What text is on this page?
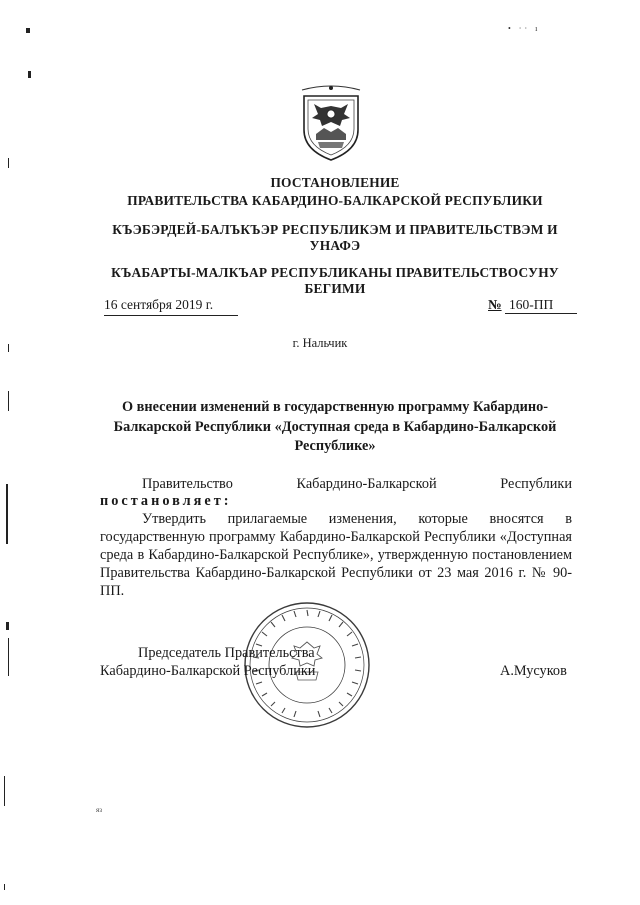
• ·· ı
ПОСТАНОВЛЕНИЕ
ПРАВИТЕЛЬСТВА КАБАРДИНО-БАЛКАРСКОЙ РЕСПУБЛИКИ
КЪЭБЭРДЕЙ-БАЛЪКЪЭР РЕСПУБЛИКЭМ И ПРАВИТЕЛЬСТВЭМ И УНАФЭ
КЪАБАРТЫ-МАЛКЪАР РЕСПУБЛИКАНЫ ПРАВИТЕЛЬСТВОСУНУ БЕГИМИ
16 сентября 2019 г.	№ 160-ПП
г. Нальчик
О внесении изменений в государственную программу Кабардино-Балкарской Республики «Доступная среда в Кабардино-Балкарской Республике»
Правительство	Кабардино-Балкарской	Республики
постановляет:
Утвердить прилагаемые изменения, которые вносятся в государственную программу Кабардино-Балкарской Республики «Доступная среда в Кабардино-Балкарской Республике», утвержденную постановлением Правительства Кабардино-Балкарской Республики от 23 мая 2016 г. № 90-ПП.
Председатель Правительства
Кабардино-Балкарской Республики	А.Мусуков
яз
